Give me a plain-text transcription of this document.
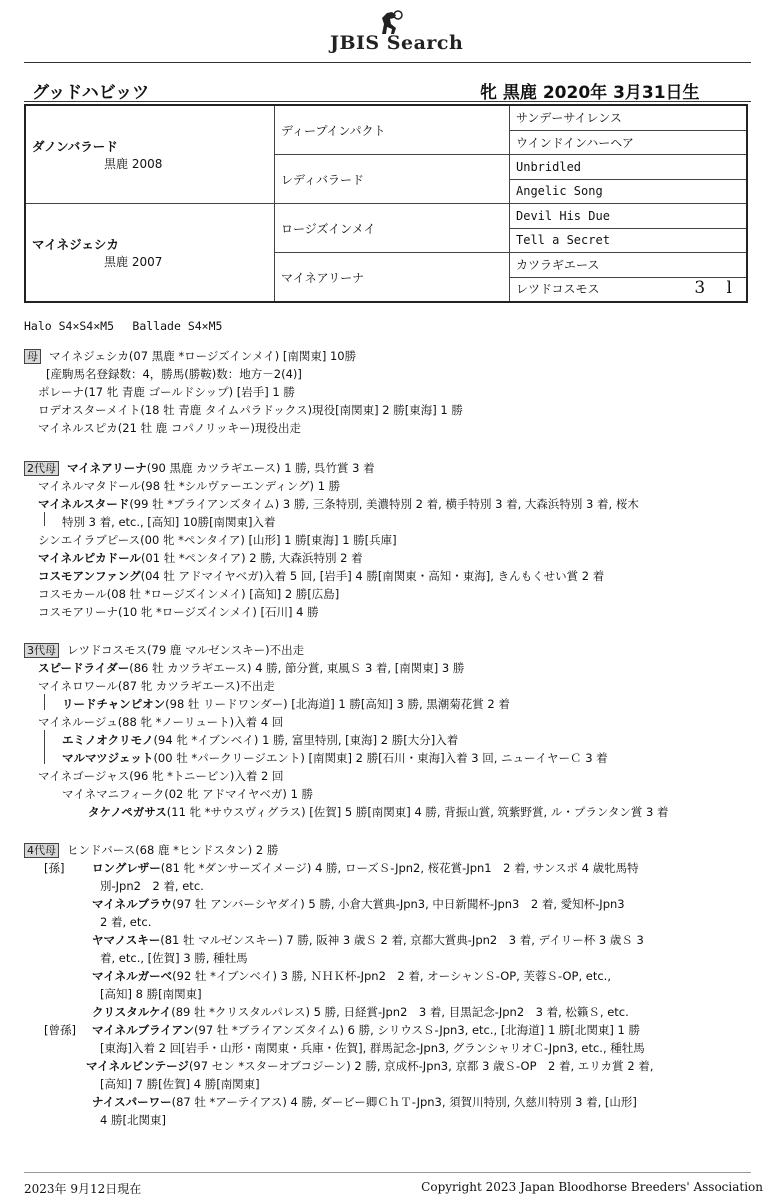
JBIS Search
グッドハビッツ	牝 黒鹿 2020年 3月31日生
ダノンバラード
黒鹿 2008	ディープインパクト	サンデーサイレンス
		ウインドインハーヘア
	レディバラード	Unbridled
		Angelic Song

マイネジェシカ
黒鹿 2007	ロージズインメイ	Devil His Due
		Tell a Secret
	マイネアリーナ	カツラギエース
		レツドコスモス 3 l
Halo S4×S4×M5　 Ballade S4×M5
母 マイネジェシカ(07 黒鹿 *ロージズインメイ) [南関東] 10勝
[産駒馬名登録数：4，勝馬(勝鞍)数：地方－2(4)]
ポレーナ(17 牝 青鹿 ゴールドシップ) [岩手] 1 勝
ロデオスターメイト(18 牡 青鹿 タイムパラドックス)現役[南関東] 2 勝[東海] 1 勝
マイネルスピカ(21 牡 鹿 コパノリッキー)現役出走
2代母 マイネアリーナ(90 黒鹿 カツラギエース) 1 勝, 呉竹賞 3 着
マイネルマタドール(98 牡 *シルヴァーエンディング) 1 勝
マイネルスタード(99 牡 *ブライアンズタイム) 3 勝, 三条特別, 美濃特別 2 着, 横手特別 3 着, 大森浜特別 3 着, 桜木
特別 3 着, etc., [高知] 10勝[南関東]入着
シンエイラブピース(00 牝 *ペンタイア) [山形] 1 勝[東海] 1 勝[兵庫]
マイネルピカドール(01 牡 *ペンタイア) 2 勝, 大森浜特別 2 着
コスモアンファング(04 牡 アドマイヤベガ)入着 5 回, [岩手] 4 勝[南関東・高知・東海], きんもくせい賞 2 着
コスモカール(08 牡 *ロージズインメイ) [高知] 2 勝[広島]
コスモアリーナ(10 牝 *ロージズインメイ) [石川] 4 勝
3代母 レツドコスモス(79 鹿 マルゼンスキー)不出走
スピードライダー(86 牡 カツラギエース) 4 勝, 節分賞, 東風Ｓ 3 着, [南関東] 3 勝
マイネロワール(87 牝 カツラギエース)不出走
リードチャンピオン(98 牡 リードワンダー) [北海道] 1 勝[高知] 3 勝, 黒潮菊花賞 2 着
マイネルージュ(88 牝 *ノーリュート)入着 4 回
エミノオクリモノ(94 牝 *イブンベイ) 1 勝, 富里特別, [東海] 2 勝[大分]入着
マルマツジェット(00 牡 *パークリージエント) [南関東] 2 勝[石川・東海]入着 3 回, ニューイヤーＣ 3 着
マイネゴージャス(96 牝 *トニービン)入着 2 回
マイネマニフィーク(02 牝 アドマイヤベガ) 1 勝
タケノペガサス(11 牝 *サウスヴィグラス) [佐賀] 5 勝[南関東] 4 勝, 背振山賞, 筑紫野賞, ル・プランタン賞 3 着
4代母 ヒンドバース(68 鹿 *ヒンドスタン) 2 勝
[孫] ロングレザー(81 牝 *ダンサーズイメージ) 4 勝, ローズＳ-Jpn2, 桜花賞-Jpn1　2 着, サンスポ 4 歳牝馬特
別-Jpn2　2 着, etc.
マイネルブラウ(97 牡 アンバーシヤダイ) 5 勝, 小倉大賞典-Jpn3, 中日新聞杯-Jpn3　2 着, 愛知杯-Jpn3
2 着, etc.
ヤマノスキー(81 牡 マルゼンスキー) 7 勝, 阪神 3 歳Ｓ 2 着, 京都大賞典-Jpn2　3 着, デイリー杯 3 歳Ｓ 3
着, etc., [佐賀] 3 勝, 種牡馬
マイネルガーベ(92 牡 *イブンベイ) 3 勝, ＮＨＫ杯-Jpn2　2 着, オーシャンＳ-OP, 芙蓉Ｓ-OP, etc.,
[高知] 8 勝[南関東]
クリスタルケイ(89 牡 *クリスタルパレス) 5 勝, 日経賞-Jpn2　3 着, 目黒記念-Jpn2　3 着, 松籟Ｓ, etc.
[曾孫] マイネルブライアン(97 牡 *ブライアンズタイム) 6 勝, シリウスＳ-Jpn3, etc., [北海道] 1 勝[北関東] 1 勝
[東海]入着 2 回[岩手・山形・南関東・兵庫・佐賀], 群馬記念-Jpn3, グランシャリオＣ-Jpn3, etc., 種牡馬
マイネルビンテージ(97 セン *スターオブコジーン) 2 勝, 京成杯-Jpn3, 京都 3 歳Ｓ-OP　2 着, エリカ賞 2 着,
[高知] 7 勝[佐賀] 4 勝[南関東]
ナイスパーワー(87 牡 *アーテイアス) 4 勝, ダービー卿ＣｈＴ-Jpn3, 須賀川特別, 久慈川特別 3 着, [山形]
4 勝[北関東]
2023年 9月12日現在	Copyright 2023 Japan Bloodhorse Breeders' Association
